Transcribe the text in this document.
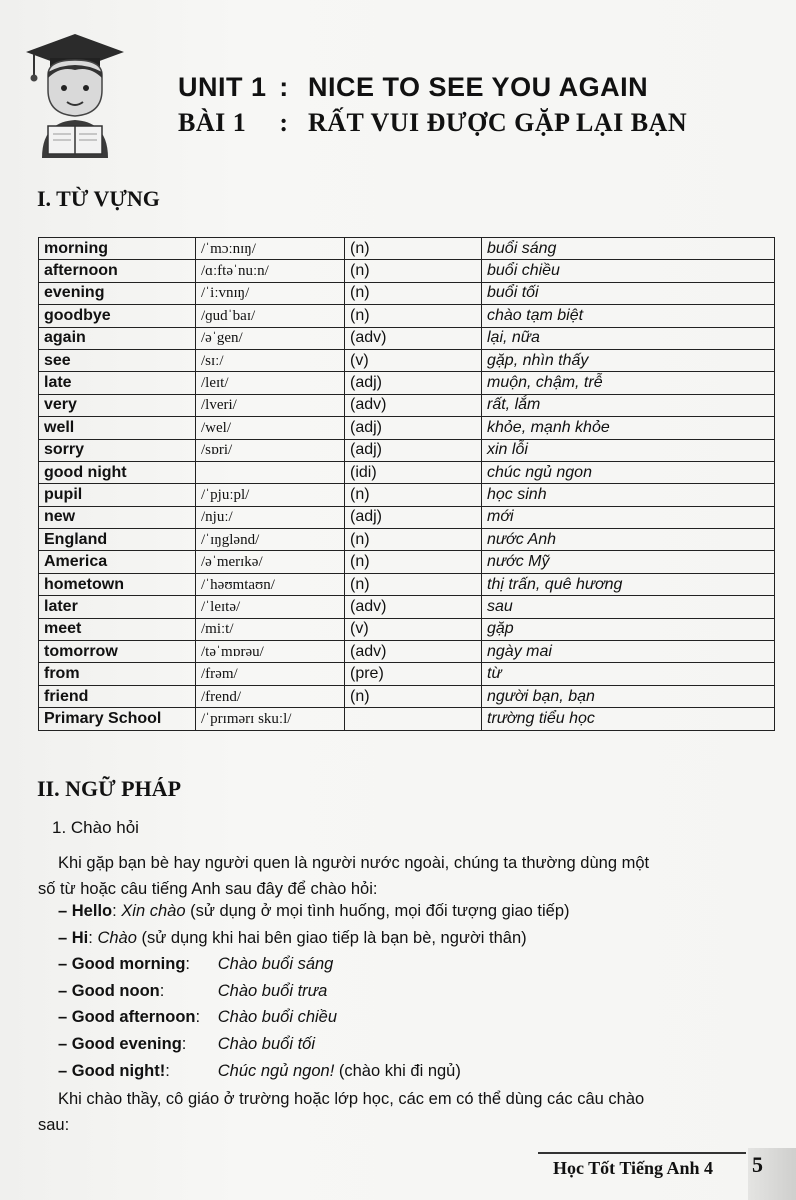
UNIT 1 : NICE TO SEE YOU AGAIN
BÀI 1 : RẤT VUI ĐƯỢC GẶP LẠI BẠN
I. TỪ VỰNG
morning	/ˈmɔːnɪŋ/	(n)	buổi sáng
afternoon	/ɑːftəˈnuːn/	(n)	buổi chiều
evening	/ˈiːvnɪŋ/	(n)	buổi tối
goodbye	/ɡudˈbaɪ/	(n)	chào tạm biệt
again	/əˈgen/	(adv)	lại, nữa
see	/sɪː/	(v)	gặp, nhìn thấy
late	/leɪt/	(adj)	muộn, chậm, trễ
very	/lveri/	(adv)	rất, lắm
well	/wel/	(adj)	khỏe, mạnh khỏe
sorry	/sɒri/	(adj)	xin lỗi
good night		(idi)	chúc ngủ ngon
pupil	/ˈpjuːpl/	(n)	học sinh
new	/njuː/	(adj)	mới
England	/ˈɪŋglənd/	(n)	nước Anh
America	/əˈmerɪkə/	(n)	nước Mỹ
hometown	/ˈhəʊmtaʊn/	(n)	thị trấn, quê hương
later	/ˈleɪtə/	(adv)	sau
meet	/miːt/	(v)	gặp
tomorrow	/təˈmɒrəu/	(adv)	ngày mai
from	/frəm/	(pre)	từ
friend	/frend/	(n)	người bạn, bạn
Primary School	/ˈprɪmərɪ skuːl/		trường tiểu học
II. NGỮ PHÁP
1. Chào hỏi
Khi gặp bạn bè hay người quen là người nước ngoài, chúng ta thường dùng một
số từ hoặc câu tiếng Anh sau đây để chào hỏi:
– Hello: Xin chào (sử dụng ở mọi tình huống, mọi đối tượng giao tiếp)
– Hi: Chào (sử dụng khi hai bên giao tiếp là bạn bè, người thân)
– Good morning: Chào buổi sáng
– Good noon:	Chào buổi trưa
– Good afternoon: Chào buổi chiều
– Good evening: Chào buổi tối
– Good night!:	Chúc ngủ ngon! (chào khi đi ngủ)
Khi chào thầy, cô giáo ở trường hoặc lớp học, các em có thể dùng các câu chào
sau:
Học Tốt Tiếng Anh 4 5
